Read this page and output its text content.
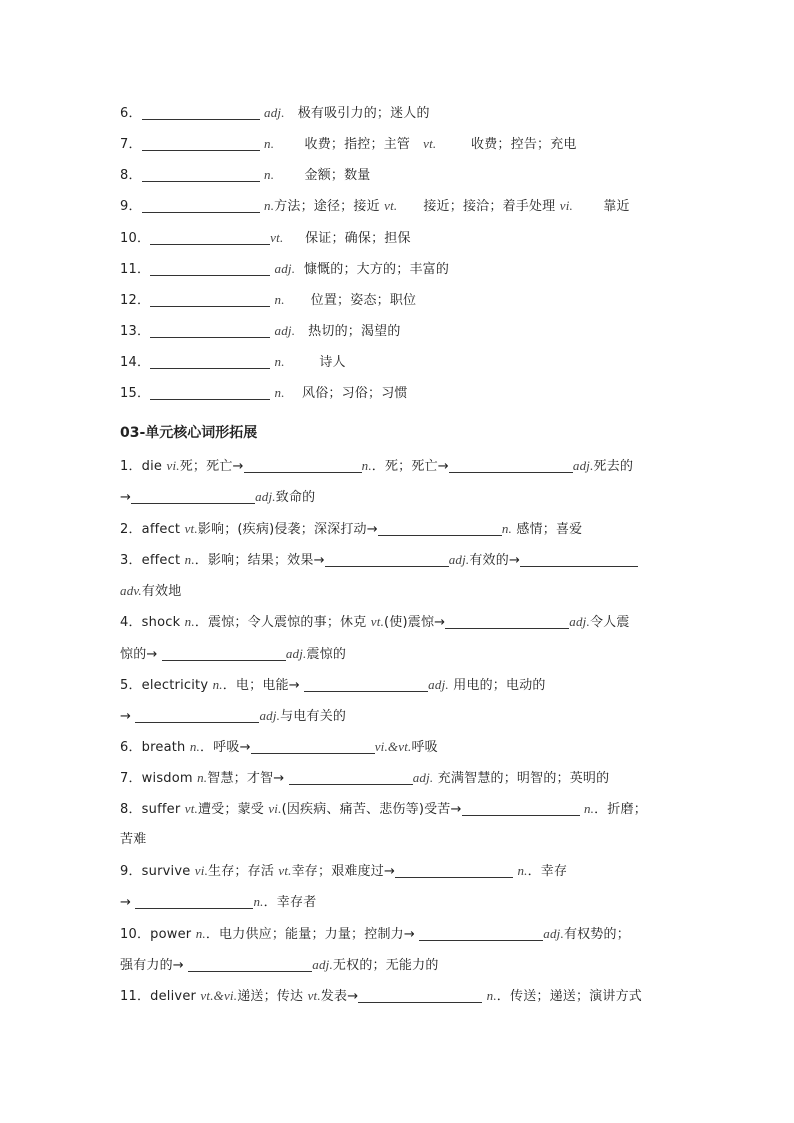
6．	adj. 极有吸引力的；迷人的
7．	n. 收费；指控；主管 vt.	收费；控告；充电
8．	n. 金额；数量
9．	n.方法；途径；接近 vt. 接近；接洽；着手处理 vi. 靠近
10．	vt. 保证；确保；担保
11．	adj. 慷慨的；大方的；丰富的
12．	n. 位置；姿态；职位
13．	adj. 热切的；渴望的
14．	n.	诗人
15．	n. 风俗；习俗；习惯
03-单元核心词形拓展
1．die vi.死；死亡→	n.．死；死亡→	adj.死去的
→	adj.致命的
2．affect vt.影响；(疾病)侵袭；深深打动→	n. 感情；喜爱
3．effect n.．影响；结果；效果→	adj.有效的→
adv.有效地
4．shock n.．震惊；令人震惊的事；休克 vt.(使)震惊→	adj.令人震
惊的→	adj.震惊的
5．electricity n.．电；电能→	adj. 用电的；电动的
→	adj.与电有关的
6．breath n.．呼吸→	vi.&vt.呼吸
7．wisdom n.智慧；才智→	adj. 充满智慧的；明智的；英明的
8．suffer vt.遭受；蒙受 vi.(因疾病、痛苦、悲伤等)受苦→	n.．折磨；
苦难
9．survive vi.生存；存活 vt.幸存；艰难度过→	n.．幸存
→	n.．幸存者
10．power n.．电力供应；能量；力量；控制力→	adj.有权势的；
强有力的→	adj.无权的；无能力的
11．deliver vt.&vi.递送；传达 vt.发表→	n.．传送；递送；演讲方式
